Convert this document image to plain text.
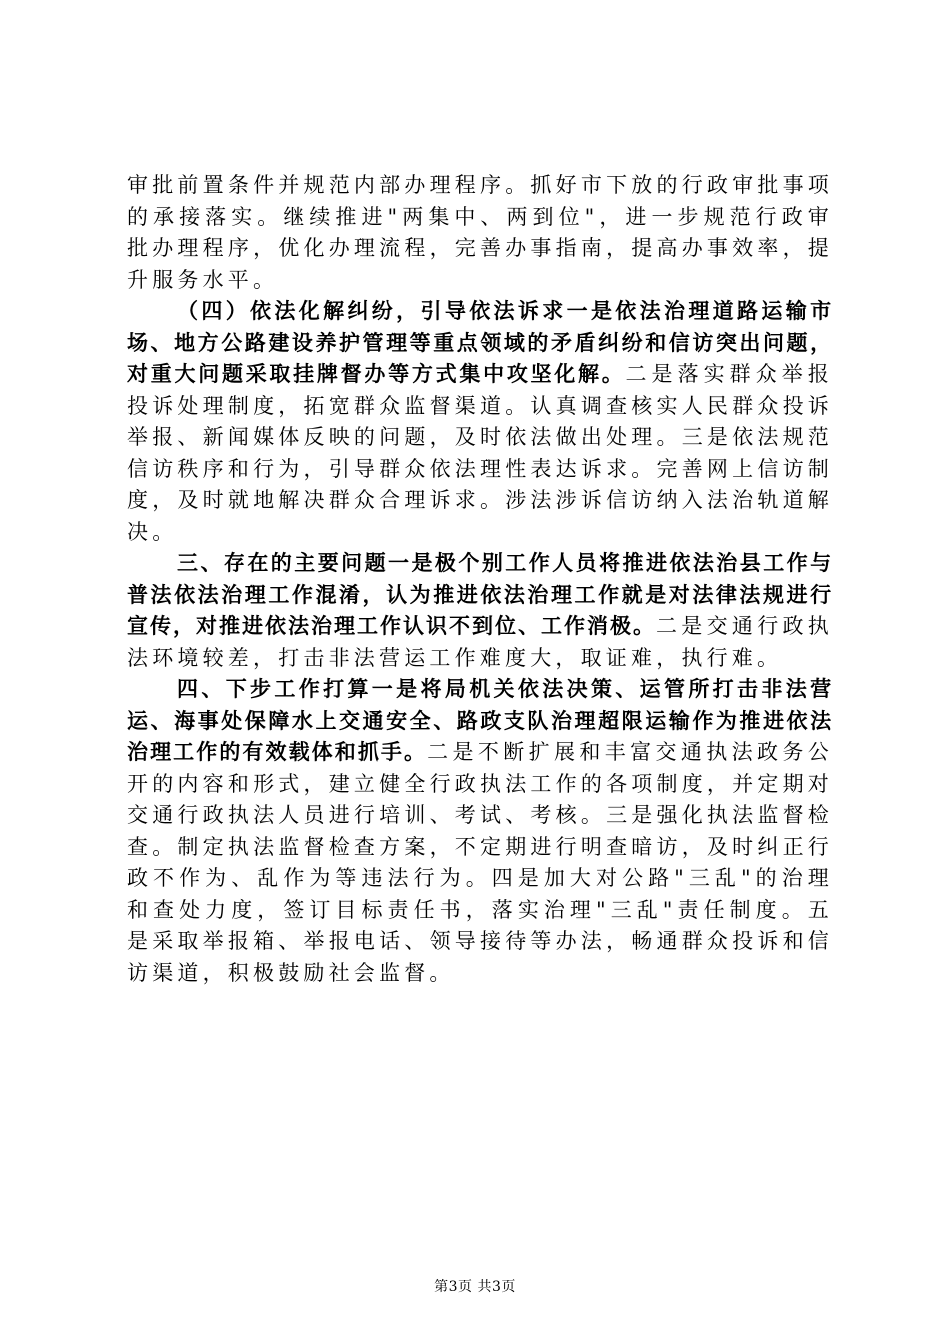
审批前置条件并规范内部办理程序。抓好市下放的行政审批事项的承接落实。继续推进"两集中、两到位"，进一步规范行政审批办理程序，优化办理流程，完善办事指南，提高办事效率，提升服务水平。

（四）依法化解纠纷，引导依法诉求一是依法治理道路运输市场、地方公路建设养护管理等重点领域的矛盾纠纷和信访突出问题，对重大问题采取挂牌督办等方式集中攻坚化解。二是落实群众举报投诉处理制度，拓宽群众监督渠道。认真调查核实人民群众投诉举报、新闻媒体反映的问题，及时依法做出处理。三是依法规范信访秩序和行为，引导群众依法理性表达诉求。完善网上信访制度，及时就地解决群众合理诉求。涉法涉诉信访纳入法治轨道解决。

三、存在的主要问题一是极个别工作人员将推进依法治县工作与普法依法治理工作混淆，认为推进依法治理工作就是对法律法规进行宣传，对推进依法治理工作认识不到位、工作消极。二是交通行政执法环境较差，打击非法营运工作难度大，取证难，执行难。

四、下步工作打算一是将局机关依法决策、运管所打击非法营运、海事处保障水上交通安全、路政支队治理超限运输作为推进依法治理工作的有效载体和抓手。二是不断扩展和丰富交通执法政务公开的内容和形式，建立健全行政执法工作的各项制度，并定期对交通行政执法人员进行培训、考试、考核。三是强化执法监督检查。制定执法监督检查方案，不定期进行明查暗访，及时纠正行政不作为、乱作为等违法行为。四是加大对公路"三乱"的治理和查处力度，签订目标责任书，落实治理"三乱"责任制度。五是采取举报箱、举报电话、领导接待等办法，畅通群众投诉和信访渠道，积极鼓励社会监督。

第3页 共3页
